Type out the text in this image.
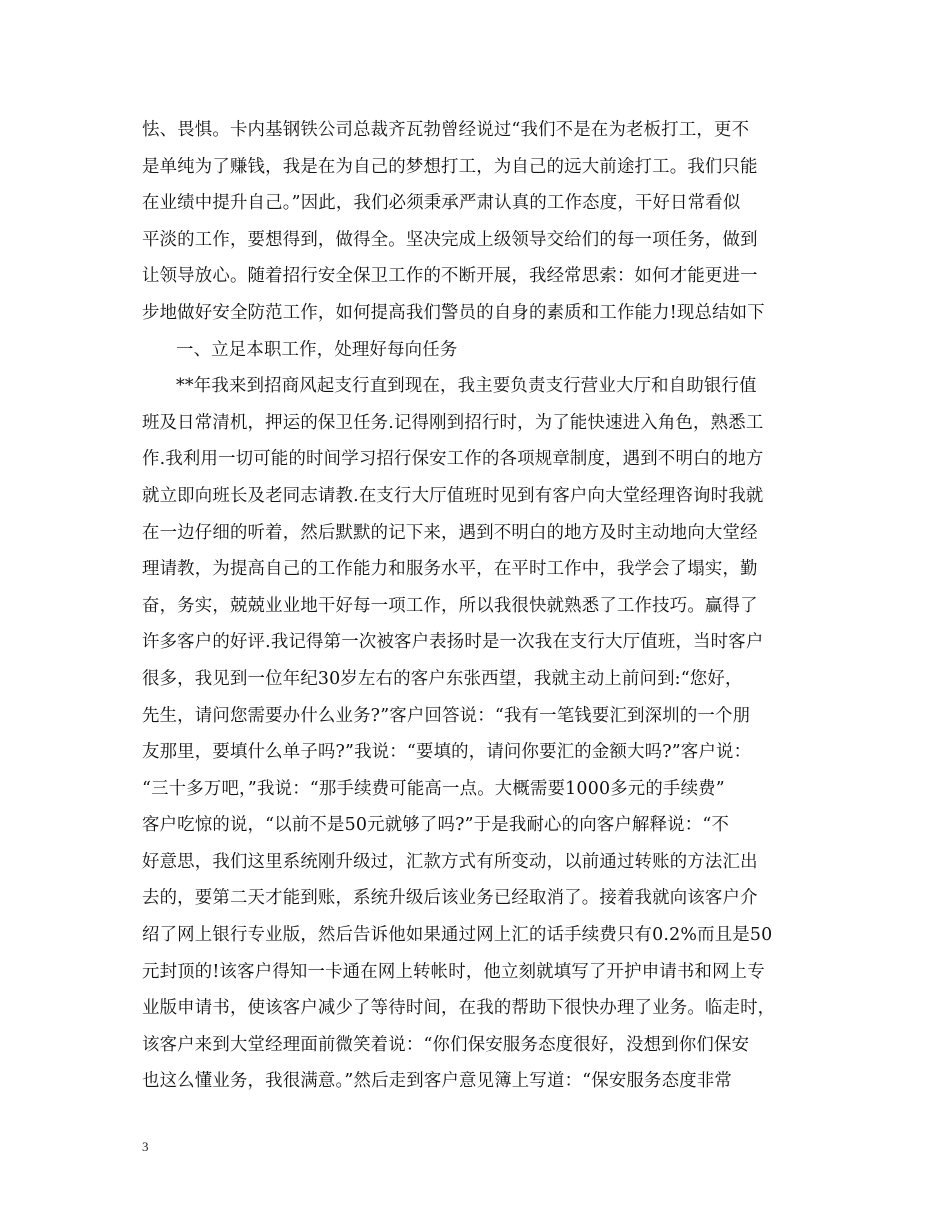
怯、畏惧。卡内基钢铁公司总裁齐瓦勃曾经说过“我们不是在为老板打工，更不
是单纯为了赚钱，我是在为自己的梦想打工，为自己的远大前途打工。我们只能
在业绩中提升自己。”因此，我们必须秉承严肃认真的工作态度，干好日常看似
平淡的工作，要想得到，做得全。坚决完成上级领导交给们的每一项任务，做到
让领导放心。随着招行安全保卫工作的不断开展，我经常思索：如何才能更进一
步地做好安全防范工作，如何提高我们警员的自身的素质和工作能力!现总结如下
一、立足本职工作，处理好每向任务
**年我来到招商风起支行直到现在，我主要负责支行营业大厅和自助银行值
班及日常清机，押运的保卫任务.记得刚到招行时，为了能快速进入角色，熟悉工
作.我利用一切可能的时间学习招行保安工作的各项规章制度，遇到不明白的地方
就立即向班长及老同志请教.在支行大厅值班时见到有客户向大堂经理咨询时我就
在一边仔细的听着，然后默默的记下来，遇到不明白的地方及时主动地向大堂经
理请教，为提高自己的工作能力和服务水平，在平时工作中，我学会了塌实，勤
奋，务实，兢兢业业地干好每一项工作，所以我很快就熟悉了工作技巧。赢得了
许多客户的好评.我记得第一次被客户表扬时是一次我在支行大厅值班，当时客户
很多，我见到一位年纪30岁左右的客户东张西望，我就主动上前问到:“您好，
先生，请问您需要办什么业务?”客户回答说：“我有一笔钱要汇到深圳的一个朋
友那里，要填什么单子吗?”我说：“要填的，请问你要汇的金额大吗?”客户说：
“三十多万吧，”我说：“那手续费可能高一点。大概需要1000多元的手续费”
客户吃惊的说，“以前不是50元就够了吗?”于是我耐心的向客户解释说：“不
好意思，我们这里系统刚升级过，汇款方式有所变动，以前通过转账的方法汇出
去的，要第二天才能到账，系统升级后该业务已经取消了。接着我就向该客户介
绍了网上银行专业版，然后告诉他如果通过网上汇的话手续费只有0.2%而且是50
元封顶的!该客户得知一卡通在网上转帐时，他立刻就填写了开护申请书和网上专
业版申请书，使该客户减少了等待时间，在我的帮助下很快办理了业务。临走时，
该客户来到大堂经理面前微笑着说：“你们保安服务态度很好，没想到你们保安
也这么懂业务，我很满意。”然后走到客户意见簿上写道：“保安服务态度非常
3
